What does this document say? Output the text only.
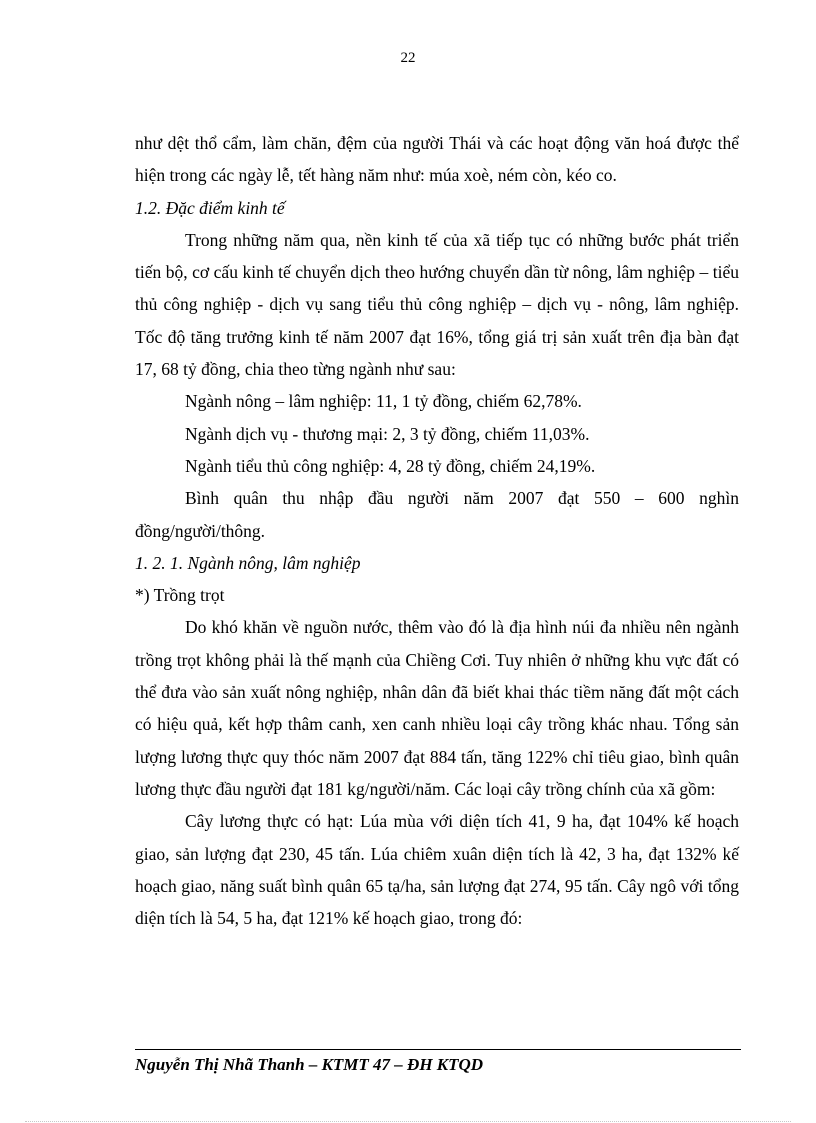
22

như dệt thổ cẩm, làm chăn, đệm của người Thái và các hoạt động văn hoá được thể hiện trong các ngày lễ, tết hàng năm như: múa xoè, ném còn, kéo co.

1.2. Đặc điểm kinh tế

Trong những năm qua, nền kinh tế của xã tiếp tục có những bước phát triển tiến bộ, cơ cấu kinh tế chuyển dịch theo hướng chuyển dần từ nông, lâm nghiệp – tiểu thủ công nghiệp - dịch vụ sang tiểu thủ công nghiệp – dịch vụ - nông, lâm nghiệp. Tốc độ tăng trưởng kinh tế năm 2007 đạt 16%, tổng giá trị sản xuất trên địa bàn đạt 17, 68 tỷ đồng, chia theo từng ngành như sau:

Ngành nông – lâm nghiệp: 11, 1 tỷ đồng, chiếm 62,78%.

Ngành dịch vụ - thương mại: 2, 3 tỷ đồng, chiếm 11,03%.

Ngành tiểu thủ công nghiệp: 4, 28 tỷ đồng, chiếm 24,19%.

Bình quân thu nhập đầu người năm 2007 đạt 550 – 600 nghìn đồng/người/thông.

1. 2. 1. Ngành nông, lâm nghiệp

*) Trồng trọt

Do khó khăn về nguồn nước, thêm vào đó là địa hình núi đa nhiều nên ngành trồng trọt không phải là thế mạnh của Chiềng Cơi. Tuy nhiên ở những khu vực đất có thể đưa vào sản xuất nông nghiệp, nhân dân đã biết khai thác tiềm năng đất một cách có hiệu quả, kết hợp thâm canh, xen canh nhiều loại cây trồng khác nhau. Tổng sản lượng lương thực quy thóc năm 2007 đạt 884 tấn, tăng 122% chỉ tiêu giao, bình quân lương thực đầu người đạt 181 kg/người/năm. Các loại cây trồng chính của xã gồm:

Cây lương thực có hạt: Lúa mùa với diện tích 41, 9 ha, đạt 104% kế hoạch giao, sản lượng đạt 230, 45 tấn. Lúa chiêm xuân diện tích là 42, 3 ha, đạt 132% kế hoạch giao, năng suất bình quân 65 tạ/ha, sản lượng đạt 274, 95 tấn. Cây ngô với tổng diện tích là 54, 5 ha, đạt 121% kế hoạch giao, trong đó:

Nguyễn Thị Nhã Thanh – KTMT 47 – ĐH KTQD
